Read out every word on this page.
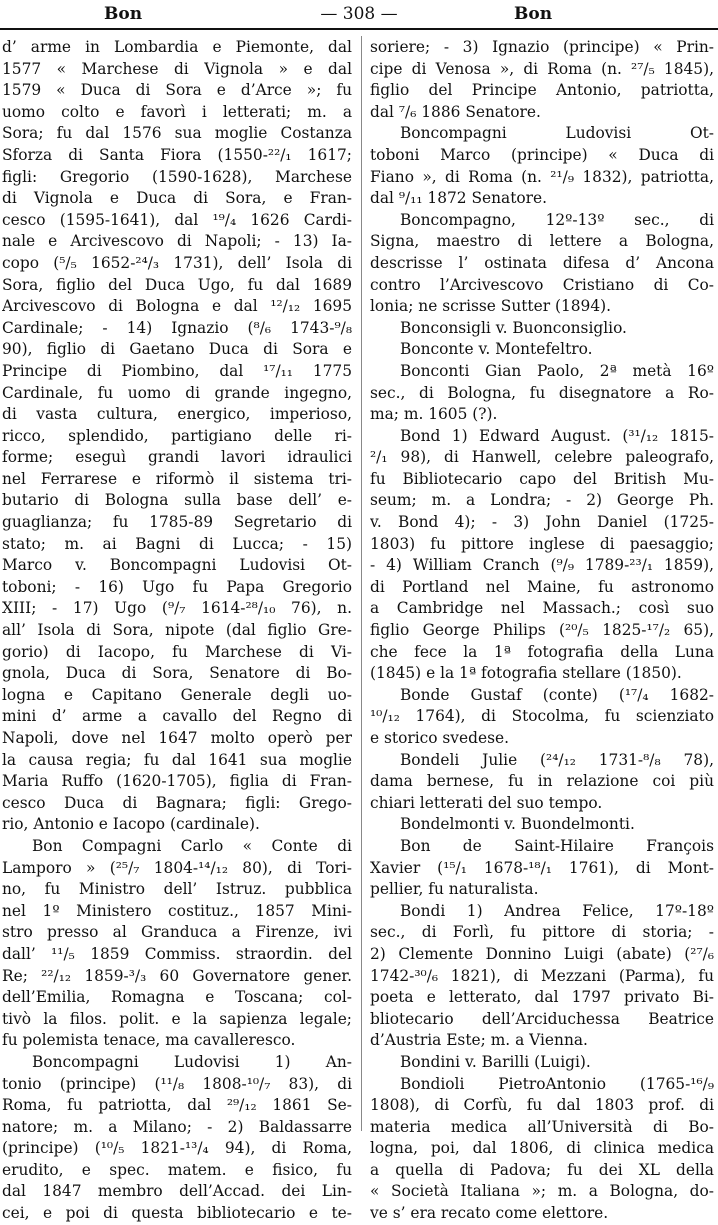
Bon	— 308 —	Bon
d’ arme in Lombardia e Piemonte, dal
1577 « Marchese di Vignola » e dal
1579 « Duca di Sora e d’Arce »; fu
uomo colto e favorì i letterati; m. a
Sora; fu dal 1576 sua moglie Costanza
Sforza di Santa Fiora (1550-²²/₁ 1617;
figli: Gregorio (1590-1628), Marchese
di Vignola e Duca di Sora, e Fran-
cesco (1595-1641), dal ¹⁹/₄ 1626 Cardi-
nale e Arcivescovo di Napoli; - 13) Ia-
copo (⁵/₅ 1652-²⁴/₃ 1731), dell’ Isola di
Sora, figlio del Duca Ugo, fu dal 1689
Arcivescovo di Bologna e dal ¹²/₁₂ 1695
Cardinale; - 14) Ignazio (⁸/₆ 1743-⁹/₈
90), figlio di Gaetano Duca di Sora e
Principe di Piombino, dal ¹⁷/₁₁ 1775
Cardinale, fu uomo di grande ingegno,
di vasta cultura, energico, imperioso,
ricco, splendido, partigiano delle ri-
forme; eseguì grandi lavori idraulici
nel Ferrarese e riformò il sistema tri-
butario di Bologna sulla base dell’ e-
guaglianza; fu 1785-89 Segretario di
stato; m. ai Bagni di Lucca; - 15)
Marco v. Boncompagni Ludovisi Ot-
toboni; - 16) Ugo fu Papa Gregorio
XIII; - 17) Ugo (⁹/₇ 1614-²⁸/₁₀ 76), n.
all’ Isola di Sora, nipote (dal figlio Gre-
gorio) di Iacopo, fu Marchese di Vi-
gnola, Duca di Sora, Senatore di Bo-
logna e Capitano Generale degli uo-
mini d’ arme a cavallo del Regno di
Napoli, dove nel 1647 molto operò per
la causa regia; fu dal 1641 sua moglie
Maria Ruffo (1620-1705), figlia di Fran-
cesco Duca di Bagnara; figli: Grego-
rio, Antonio e Iacopo (cardinale).
Bon Compagni Carlo « Conte di
Lamporo » (²⁵/₇ 1804-¹⁴/₁₂ 80), di Tori-
no, fu Ministro dell’ Istruz. pubblica
nel 1º Ministero costituz., 1857 Mini-
stro presso al Granduca a Firenze, ivi
dall’ ¹¹/₅ 1859 Commiss. straordin. del
Re; ²²/₁₂ 1859-³/₃ 60 Governatore gener.
dell’Emilia, Romagna e Toscana; col-
tivò la filos. polit. e la sapienza legale;
fu polemista tenace, ma cavalleresco.
Boncompagni Ludovisi 1) An-
tonio (principe) (¹¹/₈ 1808-¹⁰/₇ 83), di
Roma, fu patriotta, dal ²⁹/₁₂ 1861 Se-
natore; m. a Milano; - 2) Baldassarre
(principe) (¹⁰/₅ 1821-¹³/₄ 94), di Roma,
erudito, e spec. matem. e fisico, fu
dal 1847 membro dell’Accad. dei Lin-
cei, e poi di questa bibliotecario e te-
soriere; - 3) Ignazio (principe) « Prin-
cipe di Venosa », di Roma (n. ²⁷/₅ 1845),
figlio del Principe Antonio, patriotta,
dal ⁷/₆ 1886 Senatore.
Boncompagni Ludovisi Ot-
toboni Marco (principe) « Duca di
Fiano », di Roma (n. ²¹/₉ 1832), patriotta,
dal ⁹/₁₁ 1872 Senatore.
Boncompagno, 12º-13º sec., di
Signa, maestro di lettere a Bologna,
descrisse l’ ostinata difesa d’ Ancona
contro l’Arcivescovo Cristiano di Co-
lonia; ne scrisse Sutter (1894).
Bonconsigli v. Buonconsiglio.
Bonconte v. Montefeltro.
Bonconti Gian Paolo, 2ª metà 16º
sec., di Bologna, fu disegnatore a Ro-
ma; m. 1605 (?).
Bond 1) Edward August. (³¹/₁₂ 1815-
²/₁ 98), di Hanwell, celebre paleografo,
fu Bibliotecario capo del British Mu-
seum; m. a Londra; - 2) George Ph.
v. Bond 4); - 3) John Daniel (1725-
1803) fu pittore inglese di paesaggio;
- 4) William Cranch (⁹/₉ 1789-²³/₁ 1859),
di Portland nel Maine, fu astronomo
a Cambridge nel Massach.; così suo
figlio George Philips (²⁰/₅ 1825-¹⁷/₂ 65),
che fece la 1ª fotografia della Luna
(1845) e la 1ª fotografia stellare (1850).
Bonde Gustaf (conte) (¹⁷/₄ 1682-
¹⁰/₁₂ 1764), di Stocolma, fu scienziato
e storico svedese.
Bondeli Julie (²⁴/₁₂ 1731-⁸/₈ 78),
dama bernese, fu in relazione coi più
chiari letterati del suo tempo.
Bondelmonti v. Buondelmonti.
Bon de Saint-Hilaire François
Xavier (¹⁵/₁ 1678-¹⁸/₁ 1761), di Mont-
pellier, fu naturalista.
Bondi 1) Andrea Felice, 17º-18º
sec., di Forlì, fu pittore di storia; -
2) Clemente Donnino Luigi (abate) (²⁷/₆
1742-³⁰/₆ 1821), di Mezzani (Parma), fu
poeta e letterato, dal 1797 privato Bi-
bliotecario dell’Arciduchessa Beatrice
d’Austria Este; m. a Vienna.
Bondini v. Barilli (Luigi).
Bondioli PietroAntonio (1765-¹⁶/₉
1808), di Corfù, fu dal 1803 prof. di
materia medica all’Università di Bo-
logna, poi, dal 1806, di clinica medica
a quella di Padova; fu dei XL della
« Società Italiana »; m. a Bologna, do-
ve s’ era recato come elettore.
